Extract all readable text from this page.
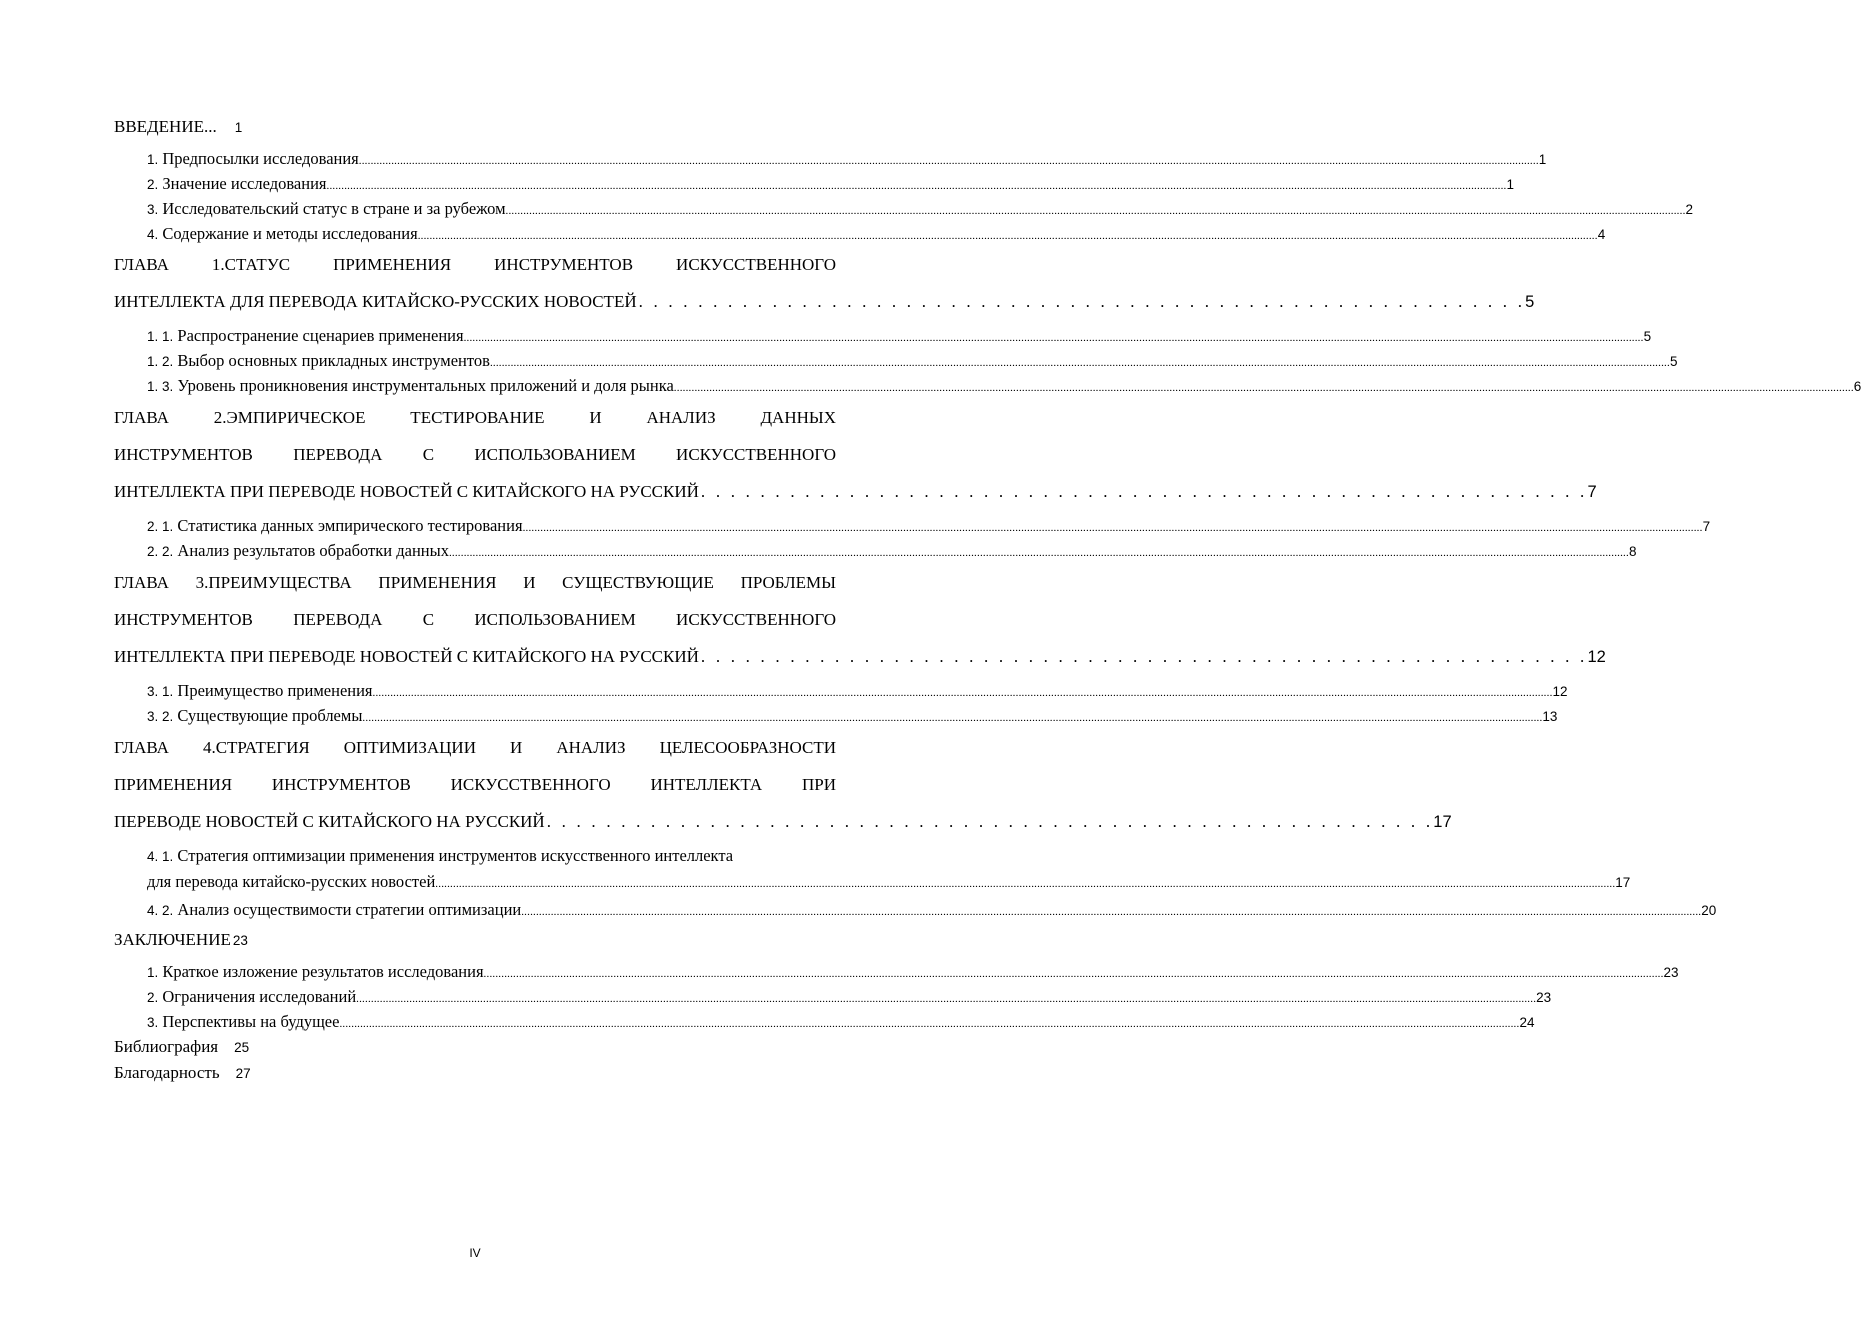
ВВЕДЕНИЕ... 1
1. Предпосылки исследования ................................................................................................................................................................................................................................................................................................................................................................................................................ 1
2. Значение исследования ................................................................................................................................................................................................................................................................................................................................................................................................................ 1
3. Исследовательский статус в стране и за рубежом ................................................................................................................................................................................................................................................................................................................................................................................................................ 2
4. Содержание и методы исследования ................................................................................................................................................................................................................................................................................................................................................................................................................ 4
ГЛАВА 1.СТАТУС ПРИМЕНЕНИЯ ИНСТРУМЕНТОВ ИСКУССТВЕННОГО
ИНТЕЛЛЕКТА ДЛЯ ПЕРЕВОДА КИТАЙСКО-РУССКИХ НОВОСТЕЙ . . . . . . . . . . . . . . . . . . . . . . . . . . . . . . . . . . . . . . . . . . . . . . . . . . . . . . . . . . . . 5
1. 1. Распространение сценариев применения ................................................................................................................................................................................................................................................................................................................................................................................................................ 5
1. 2. Выбор основных прикладных инструментов ................................................................................................................................................................................................................................................................................................................................................................................................................ 5
1. 3. Уровень проникновения инструментальных приложений и доля рынка ................................................................................................................................................................................................................................................................................................................................................................................................................ 6
ГЛАВА 2.ЭМПИРИЧЕСКОЕ ТЕСТИРОВАНИЕ И АНАЛИЗ ДАННЫХ
ИНСТРУМЕНТОВ ПЕРЕВОДА С ИСПОЛЬЗОВАНИЕМ ИСКУССТВЕННОГО
ИНТЕЛЛЕКТА ПРИ ПЕРЕВОДЕ НОВОСТЕЙ С КИТАЙСКОГО НА РУССКИЙ . . . . . . . . . . . . . . . . . . . . . . . . . . . . . . . . . . . . . . . . . . . . . . . . . . . . . . . . . . . . 7
2. 1. Статистика данных эмпирического тестирования ................................................................................................................................................................................................................................................................................................................................................................................................................ 7
2. 2. Анализ результатов обработки данных ................................................................................................................................................................................................................................................................................................................................................................................................................ 8
ГЛАВА 3.ПРЕИМУЩЕСТВА ПРИМЕНЕНИЯ И СУЩЕСТВУЮЩИЕ ПРОБЛЕМЫ
ИНСТРУМЕНТОВ ПЕРЕВОДА С ИСПОЛЬЗОВАНИЕМ ИСКУССТВЕННОГО
ИНТЕЛЛЕКТА ПРИ ПЕРЕВОДЕ НОВОСТЕЙ С КИТАЙСКОГО НА РУССКИЙ . . . . . . . . . . . . . . . . . . . . . . . . . . . . . . . . . . . . . . . . . . . . . . . . . . . . . . . . . . . . 12
3. 1. Преимущество применения ................................................................................................................................................................................................................................................................................................................................................................................................................ 12
3. 2. Существующие проблемы ................................................................................................................................................................................................................................................................................................................................................................................................................ 13
ГЛАВА 4.СТРАТЕГИЯ ОПТИМИЗАЦИИ И АНАЛИЗ ЦЕЛЕСООБРАЗНОСТИ
ПРИМЕНЕНИЯ ИНСТРУМЕНТОВ ИСКУССТВЕННОГО ИНТЕЛЛЕКТА ПРИ
ПЕРЕВОДЕ НОВОСТЕЙ С КИТАЙСКОГО НА РУССКИЙ . . . . . . . . . . . . . . . . . . . . . . . . . . . . . . . . . . . . . . . . . . . . . . . . . . . . . . . . . . . . 17
4. 1. Стратегия оптимизации применения инструментов искусственного интеллекта
для перевода китайско-русских новостей ................................................................................................................................................................................................................................................................................................................................................................................................................ 17
4. 2. Анализ осуществимости стратегии оптимизации ................................................................................................................................................................................................................................................................................................................................................................................................................ 20
ЗАКЛЮЧЕНИЕ 23
1. Краткое изложение результатов исследования ................................................................................................................................................................................................................................................................................................................................................................................................................ 23
2. Ограничения исследований ................................................................................................................................................................................................................................................................................................................................................................................................................ 23
3. Перспективы на будущее ................................................................................................................................................................................................................................................................................................................................................................................................................ 24
Библиография 25
Благодарность 27
IV
